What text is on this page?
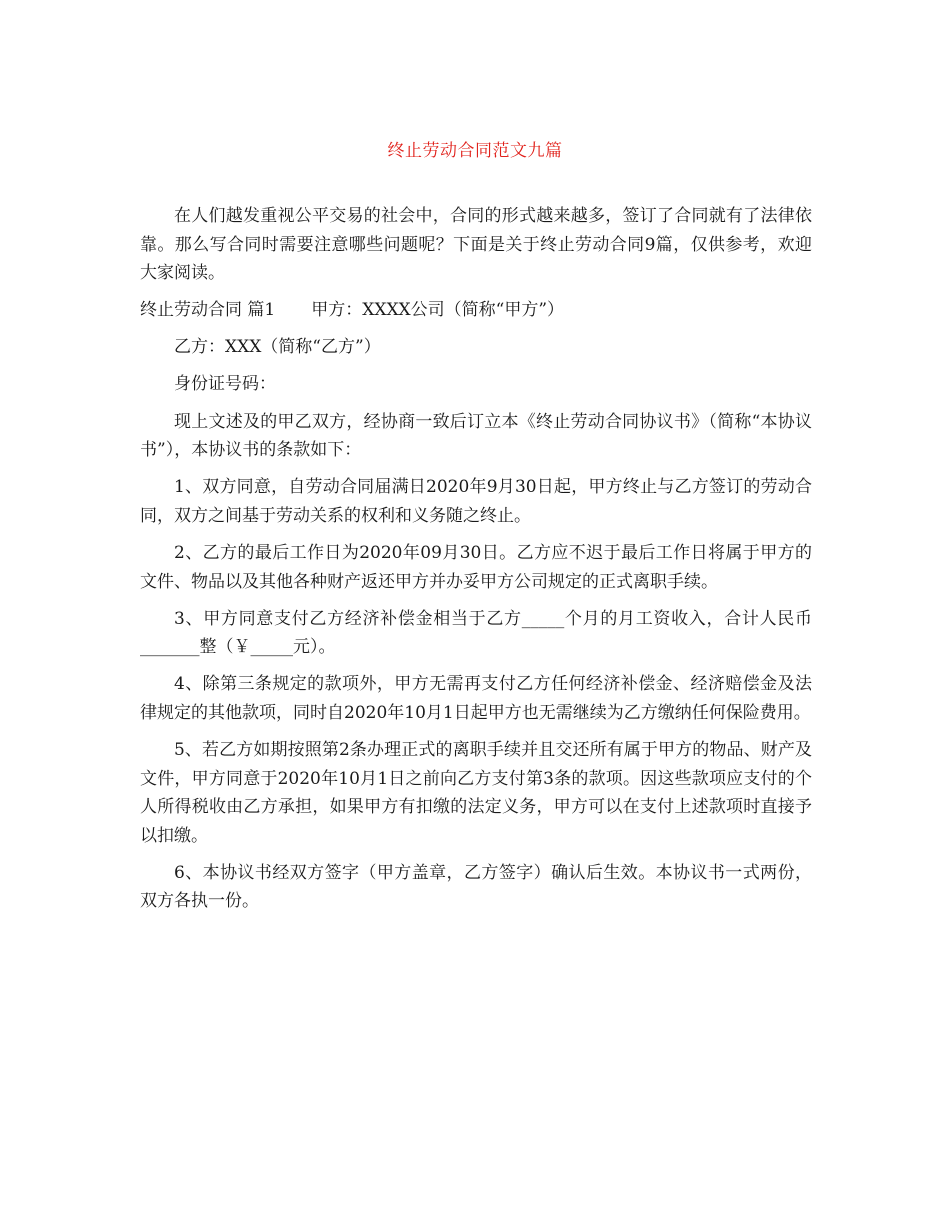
终止劳动合同范文九篇

在人们越发重视公平交易的社会中，合同的形式越来越多，签订了合同就有了法律依靠。那么写合同时需要注意哪些问题呢？下面是关于终止劳动合同9篇，仅供参考，欢迎大家阅读。

终止劳动合同 篇1 甲方：XXXX公司（简称“甲方”）

乙方：XXX（简称“乙方”）

身份证号码：

现上文述及的甲乙双方，经协商一致后订立本《终止劳动合同协议书》（简称“本协议书”），本协议书的条款如下：

1、双方同意，自劳动合同届满日2020年9月30日起，甲方终止与乙方签订的劳动合同，双方之间基于劳动关系的权利和义务随之终止。

2、乙方的最后工作日为2020年09月30日。乙方应不迟于最后工作日将属于甲方的文件、物品以及其他各种财产返还甲方并办妥甲方公司规定的正式离职手续。

3、甲方同意支付乙方经济补偿金相当于乙方_____个月的月工资收入，合计人民币_______整（￥_____元）。

4、除第三条规定的款项外，甲方无需再支付乙方任何经济补偿金、经济赔偿金及法律规定的其他款项，同时自2020年10月1日起甲方也无需继续为乙方缴纳任何保险费用。

5、若乙方如期按照第2条办理正式的离职手续并且交还所有属于甲方的物品、财产及文件，甲方同意于2020年10月1日之前向乙方支付第3条的款项。因这些款项应支付的个人所得税收由乙方承担，如果甲方有扣缴的法定义务，甲方可以在支付上述款项时直接予以扣缴。

6、本协议书经双方签字（甲方盖章，乙方签字）确认后生效。本协议书一式两份，双方各执一份。
